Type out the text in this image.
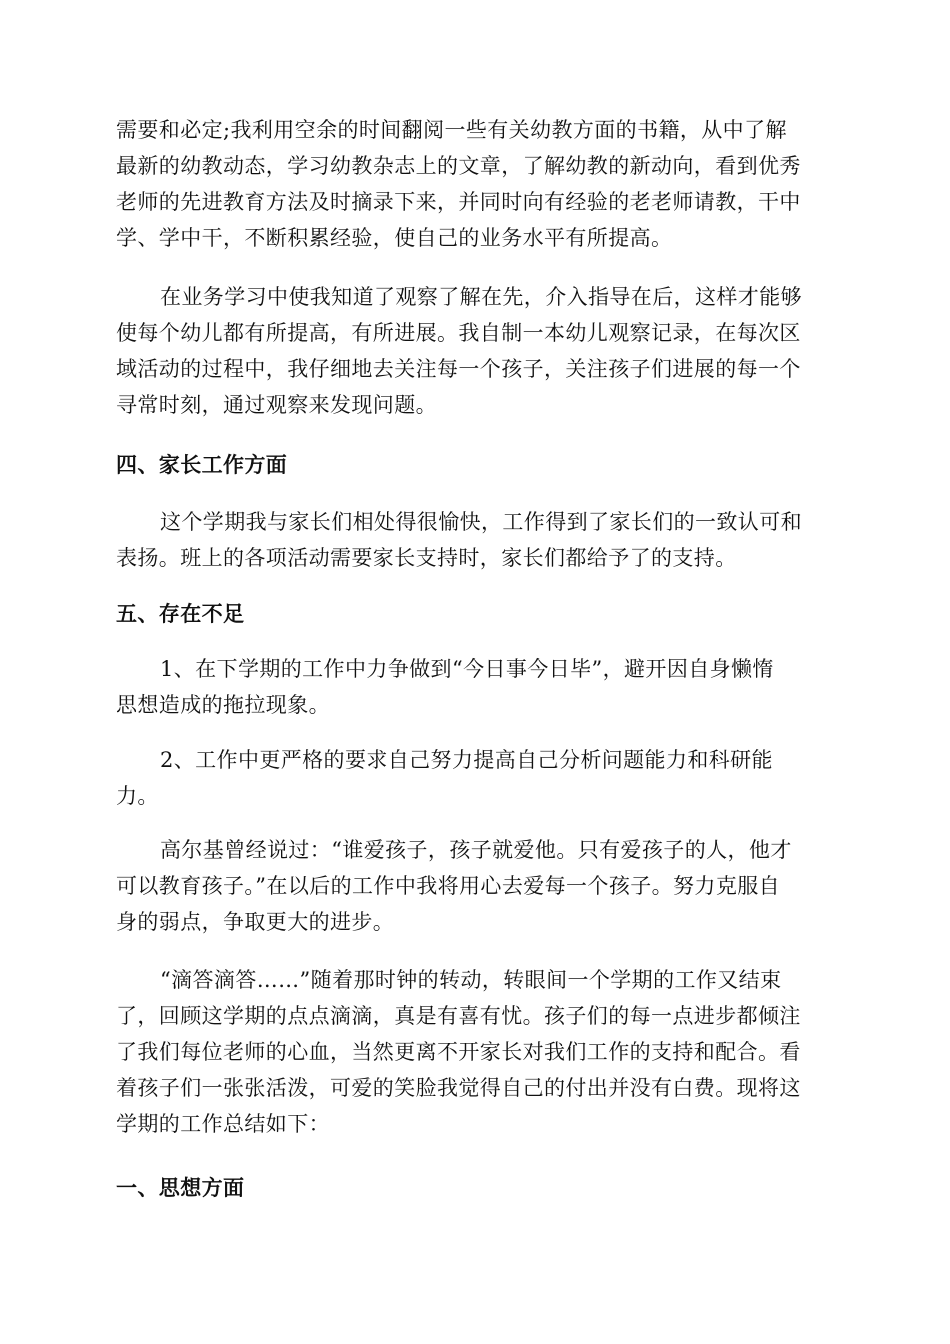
需要和必定;我利用空余的时间翻阅一些有关幼教方面的书籍，从中了解
最新的幼教动态，学习幼教杂志上的文章，了解幼教的新动向，看到优秀
老师的先进教育方法及时摘录下来，并同时向有经验的老老师请教，干中
学、学中干，不断积累经验，使自己的业务水平有所提高。
在业务学习中使我知道了观察了解在先，介入指导在后，这样才能够
使每个幼儿都有所提高，有所进展。我自制一本幼儿观察记录，在每次区
域活动的过程中，我仔细地去关注每一个孩子，关注孩子们进展的每一个
寻常时刻，通过观察来发现问题。
四、家长工作方面
这个学期我与家长们相处得很愉快，工作得到了家长们的一致认可和
表扬。班上的各项活动需要家长支持时，家长们都给予了的支持。
五、存在不足
1、在下学期的工作中力争做到“今日事今日毕”，避开因自身懒惰
思想造成的拖拉现象。
2、工作中更严格的要求自己努力提高自己分析问题能力和科研能
力。
高尔基曾经说过：“谁爱孩子，孩子就爱他。只有爱孩子的人，他才
可以教育孩子。”在以后的工作中我将用心去爱每一个孩子。努力克服自
身的弱点，争取更大的进步。
“滴答滴答……”随着那时钟的转动，转眼间一个学期的工作又结束
了，回顾这学期的点点滴滴，真是有喜有忧。孩子们的每一点进步都倾注
了我们每位老师的心血，当然更离不开家长对我们工作的支持和配合。看
着孩子们一张张活泼，可爱的笑脸我觉得自己的付出并没有白费。现将这
学期的工作总结如下：
一、思想方面
